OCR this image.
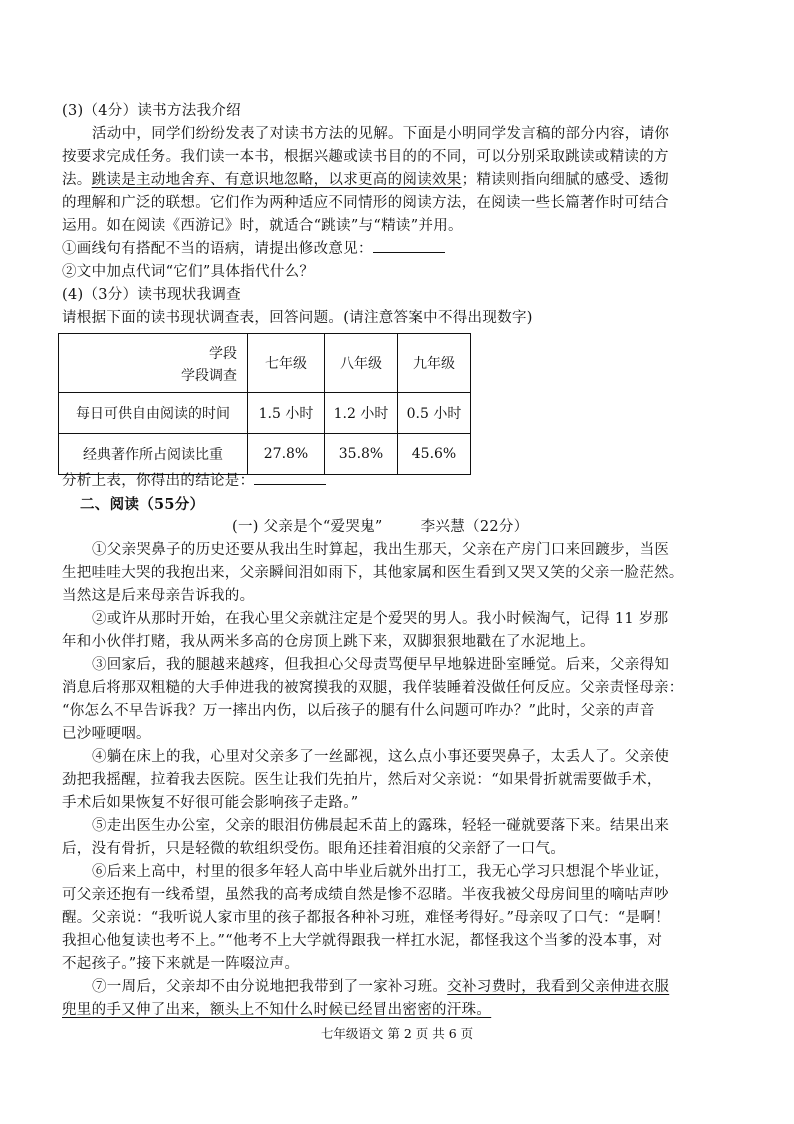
(3)（4分）读书方法我介绍
活动中，同学们纷纷发表了对读书方法的见解。下面是小明同学发言稿的部分内容，请你
按要求完成任务。我们读一本书，根据兴趣或读书目的的不同，可以分别采取跳读或精读的方
法。跳读是主动地舍弃、有意识地忽略，以求更高的阅读效果；精读则指向细腻的感受、透彻
的理解和广泛的联想。它们作为两种适应不同情形的阅读方法，在阅读一些长篇著作时可结合
运用。如在阅读《西游记》时，就适合“跳读”与“精读”并用。
①画线句有搭配不当的语病，请提出修改意见：
②文中加点代词“它们”具体指代什么？
(4)（3分）读书现状我调查
请根据下面的读书现状调查表，回答问题。(请注意答案中不得出现数字)
分析上表，你得出的结论是：
二、阅读（55分）
(一) 父亲是个“爱哭鬼”	李兴慧（22分）
①父亲哭鼻子的历史还要从我出生时算起，我出生那天，父亲在产房门口来回踱步，当医
生把哇哇大哭的我抱出来，父亲瞬间泪如雨下，其他家属和医生看到又哭又笑的父亲一脸茫然。
当然这是后来母亲告诉我的。
②或许从那时开始，在我心里父亲就注定是个爱哭的男人。我小时候淘气，记得 11 岁那
年和小伙伴打赌，我从两米多高的仓房顶上跳下来，双脚狠狠地戳在了水泥地上。
③回家后，我的腿越来越疼，但我担心父母责骂便早早地躲进卧室睡觉。后来，父亲得知
消息后将那双粗糙的大手伸进我的被窝摸我的双腿，我佯装睡着没做任何反应。父亲责怪母亲：
“你怎么不早告诉我？万一摔出内伤，以后孩子的腿有什么问题可咋办？”此时，父亲的声音
已沙哑哽咽。
④躺在床上的我，心里对父亲多了一丝鄙视，这么点小事还要哭鼻子，太丢人了。父亲使
劲把我摇醒，拉着我去医院。医生让我们先拍片，然后对父亲说：“如果骨折就需要做手术，
手术后如果恢复不好很可能会影响孩子走路。”
⑤走出医生办公室，父亲的眼泪仿佛晨起禾苗上的露珠，轻轻一碰就要落下来。结果出来
后，没有骨折，只是轻微的软组织受伤。眼角还挂着泪痕的父亲舒了一口气。
⑥后来上高中，村里的很多年轻人高中毕业后就外出打工，我无心学习只想混个毕业证，
可父亲还抱有一线希望，虽然我的高考成绩自然是惨不忍睹。半夜我被父母房间里的嘀咕声吵
醒。父亲说：“我听说人家市里的孩子都报各种补习班，难怪考得好。”母亲叹了口气：“是啊！
我担心他复读也考不上。”“他考不上大学就得跟我一样扛水泥，都怪我这个当爹的没本事，对
不起孩子。”接下来就是一阵啜泣声。
⑦一周后，父亲却不由分说地把我带到了一家补习班。交补习费时，我看到父亲伸进衣服
兜里的手又伸了出来，额头上不知什么时候已经冒出密密的汗珠。
学段
学段调查	七年级	八年级	九年级
每日可供自由阅读的时间	1.5 小时	1.2 小时	0.5 小时
经典著作所占阅读比重	27.8%	35.8%	45.6%
七年级语文 第 2 页 共 6 页
